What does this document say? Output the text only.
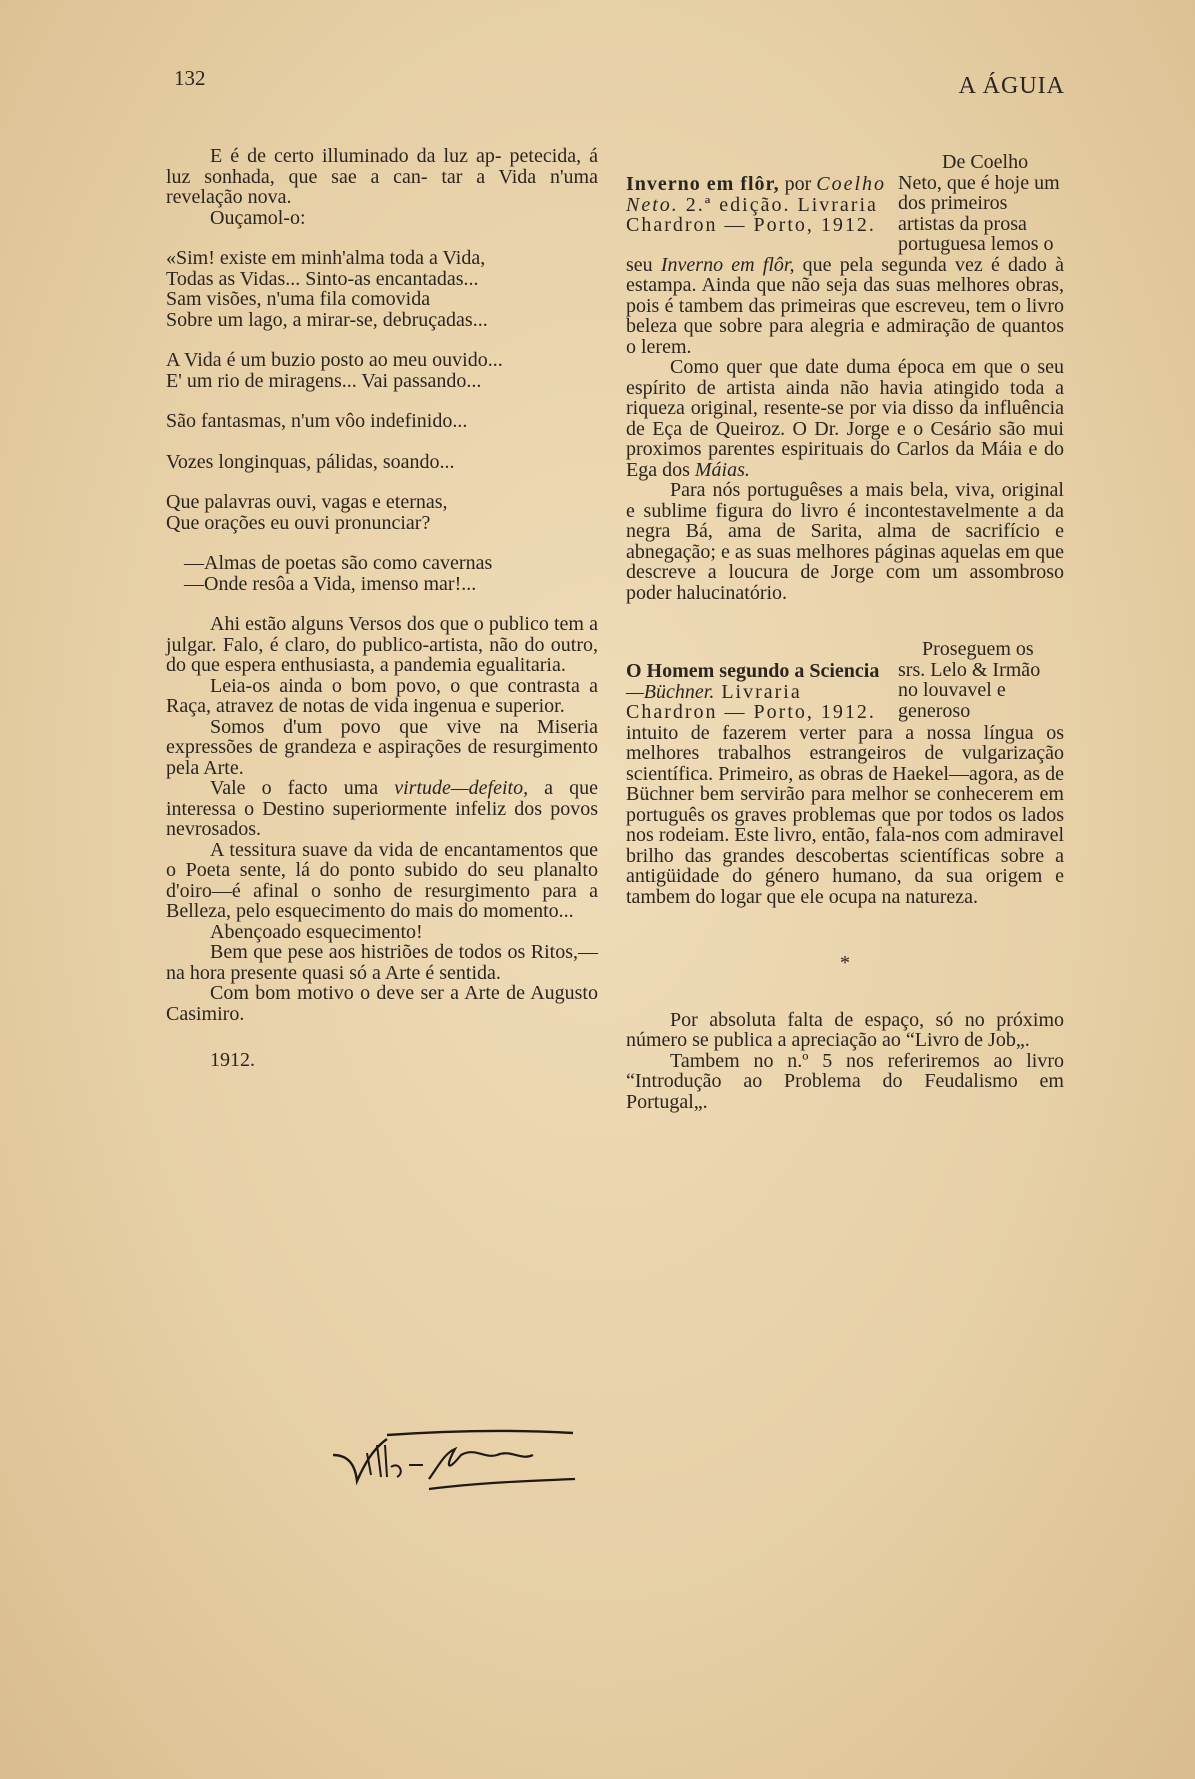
132	A ÁGUIA

E é de certo illuminado da luz ap- petecida, á luz sonhada, que sae a can- tar a Vida n'uma revelação nova.

Ouçamol-o:

«Sim! existe em minh'alma toda a Vida,
Todas as Vidas... Sinto-as encantadas...
Sam visões, n'uma fila comovida
Sobre um lago, a mirar-se, debruçadas...
A Vida é um buzio posto ao meu ouvido...
E' um rio de miragens... Vai passando...
São fantasmas, n'um vôo indefinido...
Vozes longinquas, pálidas, soando...
Que palavras ouvi, vagas e eternas,
Que orações eu ouvi pronunciar?
—Almas de poetas são como cavernas
—Onde resôa a Vida, imenso mar!...

Ahi estão alguns Versos dos que o publico tem a julgar. Falo, é claro, do publico-artista, não do outro, do que espera enthusiasta, a pandemia egualitaria.

Leia-os ainda o bom povo, o que contrasta a Raça, atravez de notas de vida ingenua e superior.

Somos d'um povo que vive na Miseria expressões de grandeza e aspirações de resurgimento pela Arte.

Vale o facto uma virtude—defeito, a que interessa o Destino superiormente infeliz dos povos nevrosados.

A tessitura suave da vida de encantamentos que o Poeta sente, lá do ponto subido do seu planalto d'oiro—é afinal o sonho de resurgimento para a Belleza, pelo esquecimento do mais do momento...

Abençoado esquecimento!

Bem que pese aos histriões de todos os Ritos,—na hora presente quasi só a Arte é sentida.

Com bom motivo o deve ser a Arte de Augusto Casimiro.

1912.
Inverno em flôr, por Coelho Neto. 2.ª edição. Livraria Chardron — Porto, 1912.

De Coelho Neto, que é hoje um dos primeiros artistas da prosa portuguesa lemos o

seu Inverno em flôr, que pela segunda vez é dado à estampa. Ainda que não seja das suas melhores obras, pois é tambem das primeiras que escreveu, tem o livro beleza que sobre para alegria e admiração de quantos o lerem.

Como quer que date duma época em que o seu espírito de artista ainda não havia atingido toda a riqueza original, resente-se por via disso da influência de Eça de Queiroz. O Dr. Jorge e o Cesário são mui proximos parentes espirituais do Carlos da Máia e do Ega dos Máias.

Para nós portuguêses a mais bela, viva, original e sublime figura do livro é incontestavelmente a da negra Bá, ama de Sarita, alma de sacrifício e abnegação; e as suas melhores páginas aquelas em que descreve a loucura de Jorge com um assombroso poder halucinatório.

O Homem segundo a Sciencia—Büchner. Livraria Chardron — Porto, 1912.

Proseguem os srs. Lelo & Irmão no louvavel e generoso

intuito de fazerem verter para a nossa língua os melhores trabalhos estrangeiros de vulgarização scientífica. Primeiro, as obras de Haekel—agora, as de Büchner bem servirão para melhor se conhecerem em português os graves problemas que por todos os lados nos rodeiam. Este livro, então, fala-nos com admiravel brilho das grandes descobertas scientíficas sobre a antigüidade do género humano, da sua origem e tambem do logar que ele ocupa na natureza.

*

Por absoluta falta de espaço, só no próximo número se publica a apreciação ao “Livro de Job„.

Tambem no n.º 5 nos referiremos ao livro “Introdução ao Problema do Feudalismo em Portugal„.
